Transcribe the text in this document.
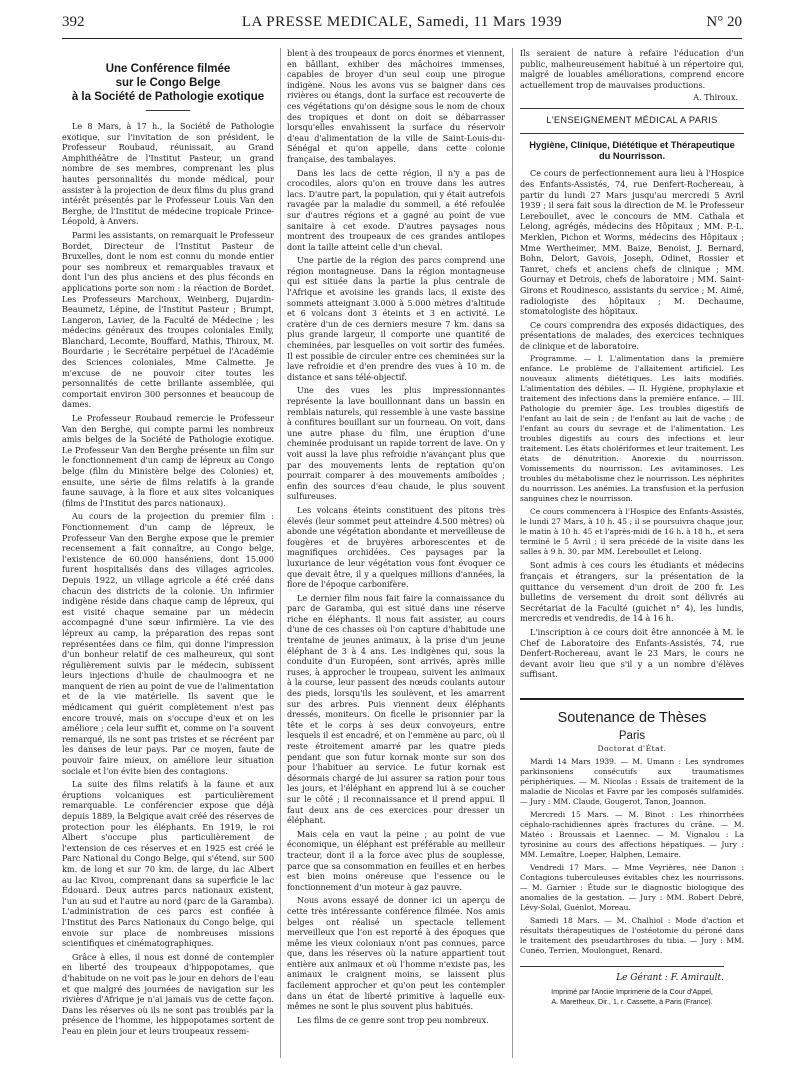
392	LA PRESSE MEDICALE, Samedi, 11 Mars 1939	N° 20
Une Conférence filmée
sur le Congo Belge
à la Société de Pathologie exotique

Le 8 Mars, à 17 h., la Société de Pathologie exotique, sur l'invitation de son président, le Professeur Roubaud, réunissait, au Grand Amphithéâtre de l'Institut Pasteur, un grand nombre de ses membres, comprenant les plus hautes personnalités du monde médical, pour assister à la projection de deux films du plus grand intérêt présentés par le Professeur Louis Van den Berghe, de l'Institut de médecine tropicale Prince-Léopold, à Anvers.

Parmi les assistants, on remarquait le Professeur Bordet, Directeur de l'Institut Pasteur de Bruxelles, dont le nom est connu du monde entier pour ses nombreux et remarquables travaux et dont l'un des plus anciens et des plus féconds en applications porte son nom : la réaction de Bordet. Les Professeurs Marchoux, Weinberg, Dujardin-Beaumetz, Lépine, de l'Institut Pasteur ; Brumpt, Langeron, Lavier, de la Faculté de Médecine ; les médecins généraux des troupes coloniales Emily, Blanchard, Lecomte, Bouffard, Mathis, Thiroux, M. Bourdarie ; le Secrétaire perpétuel de l'Académie des Sciences coloniales, Mme Calmette. Je m'excuse de ne pouvoir citer toutes les personnalités de cette brillante assemblée, qui comportait environ 300 personnes et beaucoup de dames.

Le Professeur Roubaud remercie le Professeur Van den Berghe, qui compte parmi les nombreux amis belges de la Société de Pathologie exotique. Le Professeur Van den Berghe présente un film sur le fonctionnement d'un camp de lépreux au Congo belge (film du Ministère belge des Colonies) et, ensuite, une série de films relatifs à la grande faune sauvage, à la flore et aux sites volcaniques (films de l'Institut des parcs nationaux).

Au cours de la projection du premier film : Fonctionnement d'un camp de lépreux, le Professeur Van den Berghe expose que le premier recensement a fait connaître, au Congo belge, l'existence de 60.000 hanséniens, dont 15.000 furent hospitalisés dans des villages agricoles. Depuis 1922, un village agricole a été créé dans chacun des districts de la colonie. Un infirmier indigène réside dans chaque camp de lépreux, qui est visité chaque semaine par un médecin accompagné d'une sœur infirmière. La vie des lépreux au camp, la préparation des repas sont représentées dans ce film, qui donne l'impression d'un bonheur relatif de ces malheureux, qui sont régulièrement suivis par le médecin, subissent leurs injections d'huile de chaulmoogra et ne manquent de rien au point de vue de l'alimentation et de la vie matérielle. Ils savent que le médicament qui guérit complètement n'est pas encore trouvé, mais on s'occupe d'eux et on les améliore ; cela leur suffit et, comme on l'a souvent remarqué, ils ne sont pas tristes et se récréent par les danses de leur pays. Par ce moyen, faute de pouvoir faire mieux, on améliore leur situation sociale et l'on évite bien des contagions.

La suite des films relatifs à la faune et aux éruptions volcaniques est particulièrement remarquable. Le conférencier expose que déjà depuis 1889, la Belgique avait créé des réserves de protection pour les éléphants. En 1919, le roi Albert s'occupe plus particulièrement de l'extension de ces réserves et en 1925 est créé le Parc National du Congo Belge, qui s'étend, sur 500 km. de long et sur 70 km. de large, du lac Albert au lac Kivou, comprenant dans sa superficie le lac Édouard. Deux autres parcs nationaux existent, l'un au sud et l'autre au nord (parc de la Garamba). L'administration de ces parcs est confiée à l'Institut des Parcs Nationaux du Congo belge, qui envoie sur place de nombreuses missions scientifiques et cinématographiques.

Grâce à elles, il nous est donné de contempler en liberté des troupeaux d'hippopotames, que d'habitude on ne voit pas le jour en dehors de l'eau et que malgré des journées de navigation sur les rivières d'Afrique je n'ai jamais vus de cette façon. Dans les réserves où ils ne sont pas troublés par la présence de l'homme, les hippopotames sortent de l'eau en plein jour et leurs troupeaux ressem-

blent à des troupeaux de porcs énormes et viennent, en bâillant, exhiber des mâchoires immenses, capables de broyer d'un seul coup une pirogue indigène. Nous les avons vus se baigner dans ces rivières ou étangs, dont la surface est recouverte de ces végétations qu'on désigne sous le nom de choux des tropiques et dont on doit se débarrasser lorsqu'elles envahissent la surface du réservoir d'eau d'alimentation de la ville de Saint-Louis-du-Sénégal et qu'on appelle, dans cette colonie française, des tambalayes.

Dans les lacs de cette région, il n'y a pas de crocodiles, alors qu'on en trouve dans les autres lacs. D'autre part, la population, qui y était autrefois ravagée par la maladie du sommeil, a été refoulée sur d'autres régions et a gagné au point de vue sanitaire à cet exode. D'autres paysages nous montrent des troupeaux de ces grandes antilopes dont la taille atteint celle d'un cheval.

Une partie de la région des parcs comprend une région montagneuse. Dans la région montagneuse qui est située dans la partie la plus centrale de l'Afrique et avoisine les grands lacs, il existe des sommets atteignant 3.000 à 5.000 mètres d'altitude et 6 volcans dont 3 éteints et 3 en activité. Le cratère d'un de ces derniers mesure 7 km. dans sa plus grande largeur, il comporte une quantité de cheminées, par lesquelles on voit sortir des fumées. Il est possible de circuler entre ces cheminées sur la lave refroidie et d'en prendre des vues à 10 m. de distance et sans télé-objectif.

Une des vues les plus impressionnantes représente la lave bouillonnant dans un bassin en remblais naturels, qui ressemble à une vaste bassine à confitures bouillant sur un fourneau. On voit, dans une autre phase du film, une éruption d'une cheminée produisant un rapide torrent de lave. On y voit aussi la lave plus refroidie n'avançant plus que par des mouvements lents de reptation qu'on pourrait comparer à des mouvements amiboïdes ; enfin des sources d'eau chaude, le plus souvent sulfureuses.

Les volcans éteints constituent des pitons très élevés (leur sommet peut atteindre 4.500 mètres) où abonde une végétation abondante et merveilleuse de fougères et de bruyères arborescentes et de magnifiques orchidées. Ces paysages par la luxuriance de leur végétation vous font évoquer ce que devait être, il y a quelques millions d'années, la flore de l'époque carbonifère.

Le dernier film nous fait faire la connaissance du parc de Garamba, qui est situé dans une réserve riche en éléphants. Il nous fait assister, au cours d'une de ces chasses où l'on capture d'habitude une trentaine de jeunes animaux, à la prise d'un jeune éléphant de 3 à 4 ans. Les indigènes qui, sous la conduite d'un Européen, sont arrivés, après mille ruses, à approcher le troupeau, suivent les animaux à la course, leur passent des nœuds coulants autour des pieds, lorsqu'ils les soulèvent, et les amarrent sur des arbres. Puis viennent deux éléphants dressés, moniteurs. On ficelle le prisonnier par la tête et le corps à ses deux convoyeurs, entre lesquels il est encadré, et on l'emmène au parc, où il reste étroitement amarré par les quatre pieds pendant que son futur kornak monte sur son dos pour l'habituer au service. Le futur kornak est désormais chargé de lui assurer sa ration pour tous les jours, et l'éléphant en apprend lui à se coucher sur le côté ; il reconnaissance et il prend appui. Il faut deux ans de ces exercices pour dresser un éléphant.

Mais cela en vaut la peine ; au point de vue économique, un éléphant est préférable au meilleur tracteur, dont il a la force avec plus de souplesse, parce que sa consommation en feuilles et en herbes est bien moins onéreuse que l'essence ou le fonctionnement d'un moteur à gaz pauvre.

Nous avons essayé de donner ici un aperçu de cette très intéressante conférence filmée. Nos amis belges ont réalisé un spectacle tellement merveilleux que l'on est reporté à des époques que même les vieux coloniaux n'ont pas connues, parce que, dans les réserves où la nature appartient tout entière aux animaux et où l'homme n'existe pas, les animaux le craignent moins, se laissent plus facilement approcher et qu'on peut les contempler dans un état de liberté primitive à laquelle eux-mêmes ne sont le plus souvent plus habitués.

Les films de ce genre sont trop peu nombreux.

Ils seraient de nature à refaire l'éducation d'un public, malheureusement habitué à un répertoire qui, malgré de louables améliorations, comprend encore actuellement trop de mauvaises productions.

A. Thiroux.
L'ENSEIGNEMENT MÉDICAL A PARIS
Hygiène, Clinique, Diététique et Thérapeutique
du Nourrisson.

Ce cours de perfectionnement aura lieu à l'Hospice des Enfants-Assistés, 74, rue Denfert-Rochereau, à partir du lundi 27 Mars jusqu'au mercredi 5 Avril 1939 ; il sera fait sous la direction de M. le Professeur Lereboullet, avec le concours de MM. Cathala et Lelong, agrégés, médecins des Hôpitaux ; MM. P.-L. Merklen, Pichon et Worms, médecins des Hôpitaux ; Mme Wertheimer, MM. Baize, Benoist, J. Bernard, Bohn, Delort, Gavois, Joseph, Odinet, Rossier et Tanret, chefs et anciens chefs de clinique ; MM. Gournay et Detrois, chefs de laboratoire ; MM. Saint-Girons et Roudinesco, assistants du service ; M. Aimé, radiologiste des hôpitaux ; M. Dechaume, stomatologiste des hôpitaux.

Ce cours comprendra des exposés didactiques, des présentations de malades, des exercices techniques de clinique et de laboratoire.

Programme. — I. L'alimentation dans la première enfance. Le problème de l'allaitement artificiel. Les nouveaux aliments diététiques. Les laits modifiés. L'alimentation des débiles. — II. Hygiène, prophylaxie et traitement des infections dans la première enfance. — III. Pathologie du premier âge. Les troubles digestifs de l'enfant au lait de sein ; de l'enfant au lait de vache ; de l'enfant au cours du sevrage et de l'alimentation. Les troubles digestifs au cours des infections et leur traitement. Les états cholériformes et leur traitement. Les états de dénutrition. Anorexie du nourrisson. Vomissements du nourrisson. Les avitaminoses. Les troubles du métabolisme chez le nourrisson. Les néphrites du nourrisson. Les anémies. La transfusion et la perfusion sanguines chez le nourrisson.

Ce cours commencera à l'Hospice des Enfants-Assistés, le lundi 27 Mars, à 10 h. 45 ; il se poursuivra chaque jour, le matin à 10 h. 45 et l'après-midi de 16 h. à 18 h., et sera terminé le 5 Avril ; il sera précédé de la visite dans les salles à 9 h. 30, par MM. Lereboullet et Lelong.

Sont admis à ces cours les étudiants et médecins français et étrangers, sur la présentation de la quittance du versement d'un droit de 200 fr. Les bulletins de versement du droit sont délivrés au Secrétariat de la Faculté (guichet n° 4), les lundis, mercredis et vendredis, de 14 à 16 h.

L'inscription à ce cours doit être annoncée à M. le Chef de Laboratoire des Enfants-Assistés, 74, rue Denfert-Rochereau, avant le 23 Mars, le cours ne devant avoir lieu que s'il y a un nombre d'élèves suffisant.

Soutenance de Thèses
Paris
Doctorat d'État.

Mardi 14 Mars 1939. — M. Umann : Les syndromes parkinsoniens consécutifs aux traumatismes périphériques. — M. Nicolas : Essais de traitement de la maladie de Nicolas et Favre par les composés sulfamidés. — Jury : MM. Claude, Gougerot, Tanon, Joannon.

Mercredi 15 Mars. — M. Binot : Les rhinorrhées céphalo-rachidiennes après fractures du crâne. — M. Matéo : Broussais et Laennec. — M. Vignalou : La tyrosinine au cours des affections hépatiques. — Jury : MM. Lemaître, Loeper, Halphen, Lemaire.

Vendredi 17 Mars. — Mme Veyrières, née Danon : Contagions tuberculeuses évitables chez les nourrissons. — M. Garnier : Étude sur le diagnostic biologique des anomalies de la gestation. — Jury : MM. Robert Debré, Lévy-Solal, Guénlot, Moreau.

Samedi 18 Mars. — M. Chalhiol : Mode d'action et résultats thérapeutiques de l'ostéotomie du péroné dans le traitement des pseudarthroses du tibia. — Jury : MM. Cunéo, Terrien, Moulonguet, Renard.

Le Gérant : F. Amirault.
Imprimé par l'Anciie Imprimerie de la Cour d'Appel,
A. Maretheux, Dir., 1, r. Cassette, à Paris (France).
